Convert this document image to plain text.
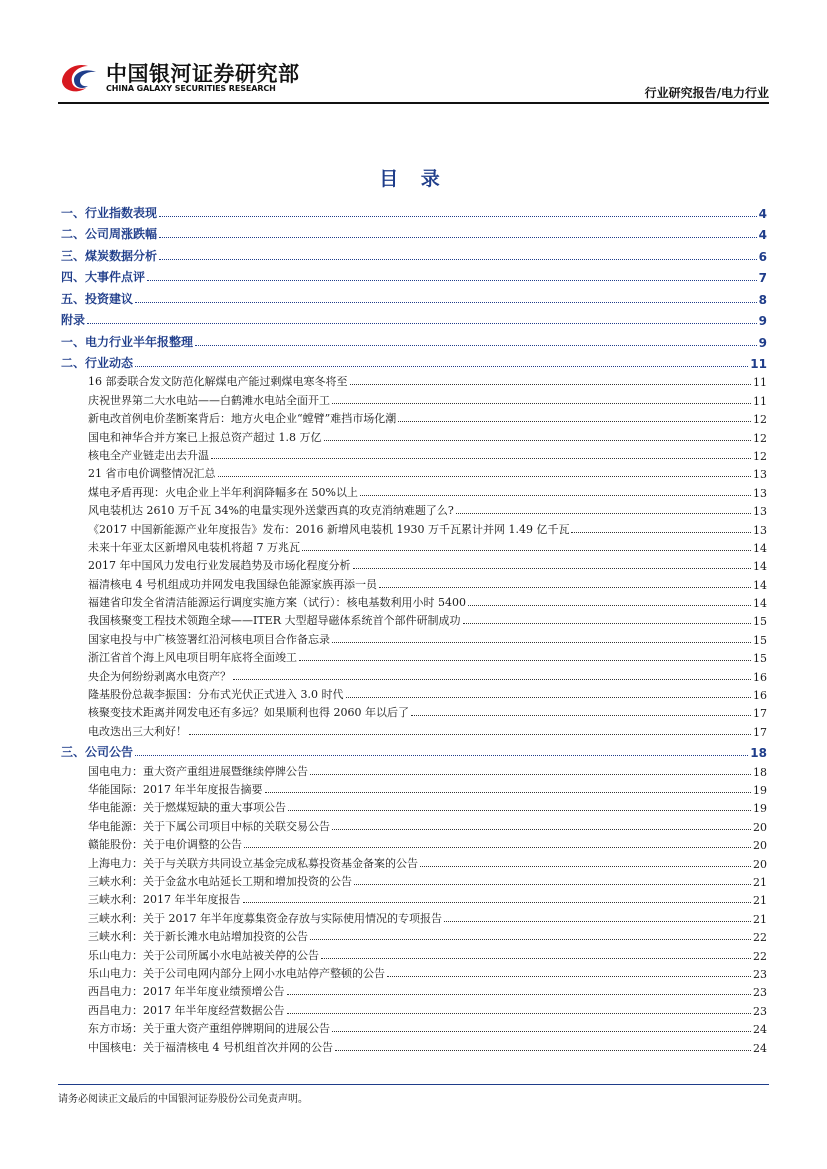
中国银河证券研究部
CHINA GALAXY SECURITIES RESEARCH	行业研究报告/电力行业
目 录
一、行业指数表现	4
二、公司周涨跌幅	4
三、煤炭数据分析	6
四、大事件点评	7
五、投资建议	8
附录	9
一、电力行业半年报整理	9
二、行业动态	11
16 部委联合发文防范化解煤电产能过剩煤电寒冬将至	11
庆祝世界第二大水电站——白鹤滩水电站全面开工	11
新电改首例电价垄断案背后：地方火电企业“螳臂”难挡市场化潮	12
国电和神华合并方案已上报总资产超过 1.8 万亿	12
核电全产业链走出去升温	12
21 省市电价调整情况汇总	13
煤电矛盾再现：火电企业上半年利润降幅多在 50%以上	13
风电装机达 2610 万千瓦 34%的电量实现外送蒙西真的攻克消纳难题了么?	13
《2017 中国新能源产业年度报告》发布：2016 新增风电装机 1930 万千瓦累计并网 1.49 亿千瓦	13
未来十年亚太区新增风电装机将超 7 万兆瓦	14
2017 年中国风力发电行业发展趋势及市场化程度分析	14
福清核电 4 号机组成功并网发电我国绿色能源家族再添一员	14
福建省印发全省清洁能源运行调度实施方案（试行）：核电基数利用小时 5400	14
我国核聚变工程技术领跑全球——ITER 大型超导磁体系统首个部件研制成功	15
国家电投与中广核签署红沿河核电项目合作备忘录	15
浙江省首个海上风电项目明年底将全面竣工	15
央企为何纷纷剥离水电资产？	16
隆基股份总裁李振国：分布式光伏正式进入 3.0 时代	16
核聚变技术距离并网发电还有多远？如果顺利也得 2060 年以后了	17
电改迭出三大利好！	17
三、公司公告	18
国电电力：重大资产重组进展暨继续停牌公告	18
华能国际：2017 年半年度报告摘要	19
华电能源：关于燃煤短缺的重大事项公告	19
华电能源：关于下属公司项目中标的关联交易公告	20
赣能股份：关于电价调整的公告	20
上海电力：关于与关联方共同设立基金完成私募投资基金备案的公告	20
三峡水利：关于金盆水电站延长工期和增加投资的公告	21
三峡水利：2017 年半年度报告	21
三峡水利：关于 2017 年半年度募集资金存放与实际使用情况的专项报告	21
三峡水利：关于新长滩水电站增加投资的公告	22
乐山电力：关于公司所属小水电站被关停的公告	22
乐山电力：关于公司电网内部分上网小水电站停产整顿的公告	23
西昌电力：2017 年半年度业绩预增公告	23
西昌电力：2017 年半年度经营数据公告	23
东方市场：关于重大资产重组停牌期间的进展公告	24
中国核电：关于福清核电 4 号机组首次并网的公告	24
请务必阅读正文最后的中国银河证券股份公司免责声明。
